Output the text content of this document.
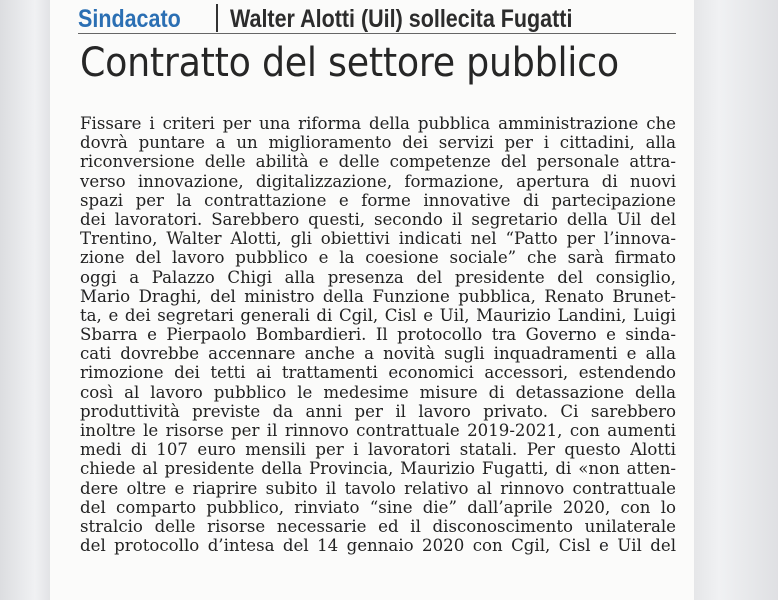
Sindacato	Walter Alotti (Uil) sollecita Fugatti
Contratto del settore pubblico
Fissare i criteri per una riforma della pubblica amministrazione che
dovrà puntare a un miglioramento dei servizi per i cittadini, alla
riconversione delle abilità e delle competenze del personale attra-
verso innovazione, digitalizzazione, formazione, apertura di nuovi
spazi per la contrattazione e forme innovative di partecipazione
dei lavoratori. Sarebbero questi, secondo il segretario della Uil del
Trentino, Walter Alotti, gli obiettivi indicati nel “Patto per l’innova-
zione del lavoro pubblico e la coesione sociale” che sarà firmato
oggi a Palazzo Chigi alla presenza del presidente del consiglio,
Mario Draghi, del ministro della Funzione pubblica, Renato Brunet-
ta, e dei segretari generali di Cgil, Cisl e Uil, Maurizio Landini, Luigi
Sbarra e Pierpaolo Bombardieri. Il protocollo tra Governo e sinda-
cati dovrebbe accennare anche a novità sugli inquadramenti e alla
rimozione dei tetti ai trattamenti economici accessori, estendendo
così al lavoro pubblico le medesime misure di detassazione della
produttività previste da anni per il lavoro privato. Ci sarebbero
inoltre le risorse per il rinnovo contrattuale 2019-2021, con aumenti
medi di 107 euro mensili per i lavoratori statali. Per questo Alotti
chiede al presidente della Provincia, Maurizio Fugatti, di «non atten-
dere oltre e riaprire subito il tavolo relativo al rinnovo contrattuale
del comparto pubblico, rinviato “sine die” dall’aprile 2020, con lo
stralcio delle risorse necessarie ed il disconoscimento unilaterale
del protocollo d’intesa del 14 gennaio 2020 con Cgil, Cisl e Uil del
